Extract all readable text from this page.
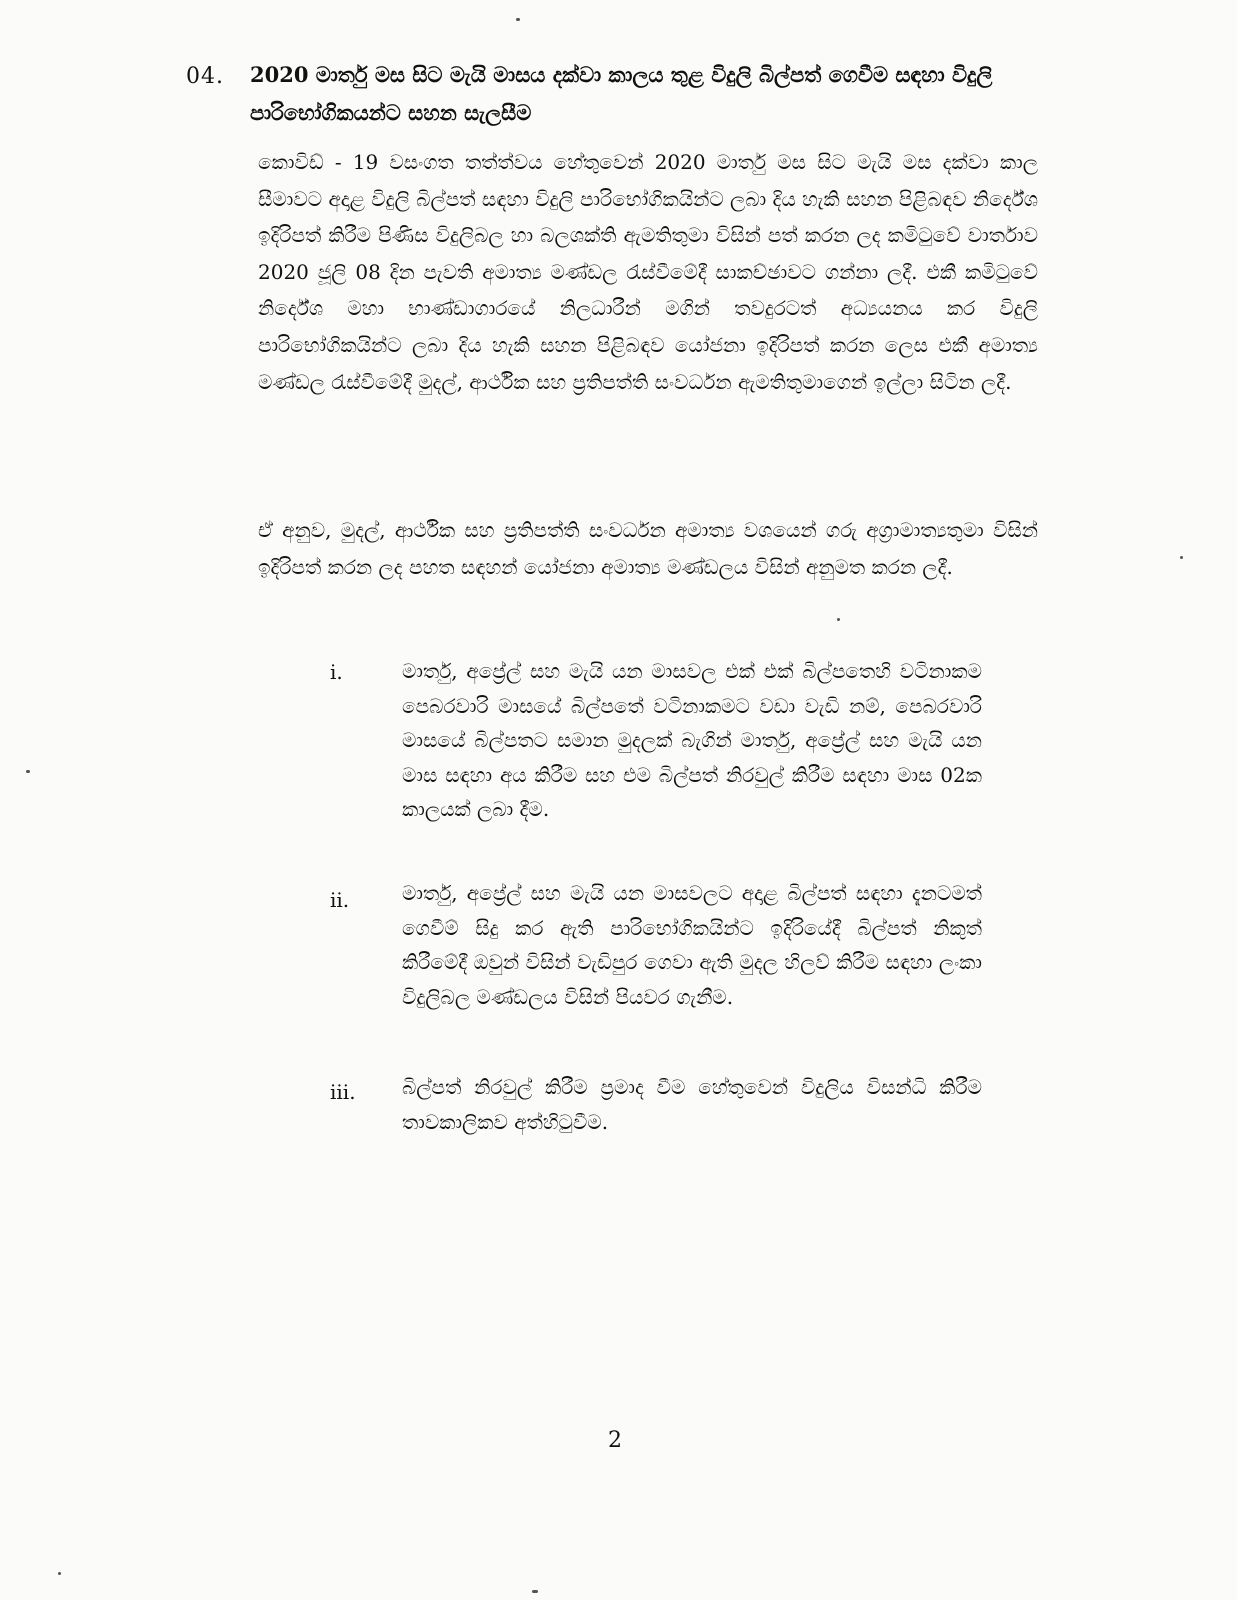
04. 2020 මාර්තු මස සිට මැයි මාසය දක්වා කාලය තුළ විදුලි බිල්පත් ගෙවීම සඳහා විදුලි පාරිභෝගිකයන්ට සහන සැලසීම
කොවිඩ් - 19 වසංගත තත්ත්වය හේතුවෙන් 2020 මාර්තු මස සිට මැයි මස දක්වා කාල සීමාවට අදාළ විදුලි බිල්පත් සඳහා විදුලි පාරිභෝගිකයින්ට ලබා දිය හැකි සහන පිළිබඳව නිර්දේශ ඉදිරිපත් කිරීම පිණිස විදුලිබල හා බලශක්ති ඇමතිතුමා විසින් පත් කරන ලද කමිටුවේ වාර්තාව 2020 ජූලි 08 දින පැවති අමාත්‍ය මණ්ඩල රැස්වීමේදී සාකච්ඡාවට ගන්නා ලදී. එකී කමිටුවේ නිර්දේශ මහා භාණ්ඩාගාරයේ නිලධාරීන් මගින් තවදුරටත් අධ්‍යයනය කර විදුලි පාරිභෝගිකයින්ට ලබා දිය හැකි සහන පිළිබඳව යෝජනා ඉදිරිපත් කරන ලෙස එකී අමාත්‍ය මණ්ඩල රැස්වීමේදී මුදල්, ආර්ථික සහ ප්‍රතිපත්ති සංවර්ධන ඇමතිතුමාගෙන් ඉල්ලා සිටින ලදී.
ඒ අනුව, මුදල්, ආර්ථික සහ ප්‍රතිපත්ති සංවර්ධන අමාත්‍ය වශයෙන් ගරු අග්‍රාමාත්‍යතුමා විසින් ඉදිරිපත් කරන ලද පහත සඳහන් යෝජනා අමාත්‍ය මණ්ඩලය විසින් අනුමත කරන ලදී.
i.	මාර්තු, අප්‍රේල් සහ මැයි යන මාසවල එක් එක් බිල්පතෙහි වටිනාකම පෙබරවාරි මාසයේ බිල්පතේ වටිනාකමට වඩා වැඩි නම්, පෙබරවාරි මාසයේ බිල්පතට සමාන මුදලක් බැගින් මාර්තු, අප්‍රේල් සහ මැයි යන මාස සඳහා අය කිරීම සහ එම බිල්පත් නිරවුල් කිරීම සඳහා මාස 02ක කාලයක් ලබා දීම.
ii.	මාර්තු, අප්‍රේල් සහ මැයි යන මාසවලට අදාළ බිල්පත් සඳහා දැනටමත් ගෙවීම් සිදු කර ඇති පාරිභෝගිකයින්ට ඉදිරියේදී බිල්පත් නිකුත් කිරීමේදී ඔවුන් විසින් වැඩිපුර ගෙවා ඇති මුදල හිලව් කිරීම සඳහා ලංකා විදුලිබල මණ්ඩලය විසින් පියවර ගැනීම.
iii.	බිල්පත් නිරවුල් කිරීම ප්‍රමාද වීම හේතුවෙන් විදුලිය විසන්ධි කිරීම තාවකාලිකව අත්හිටුවීම.
2
